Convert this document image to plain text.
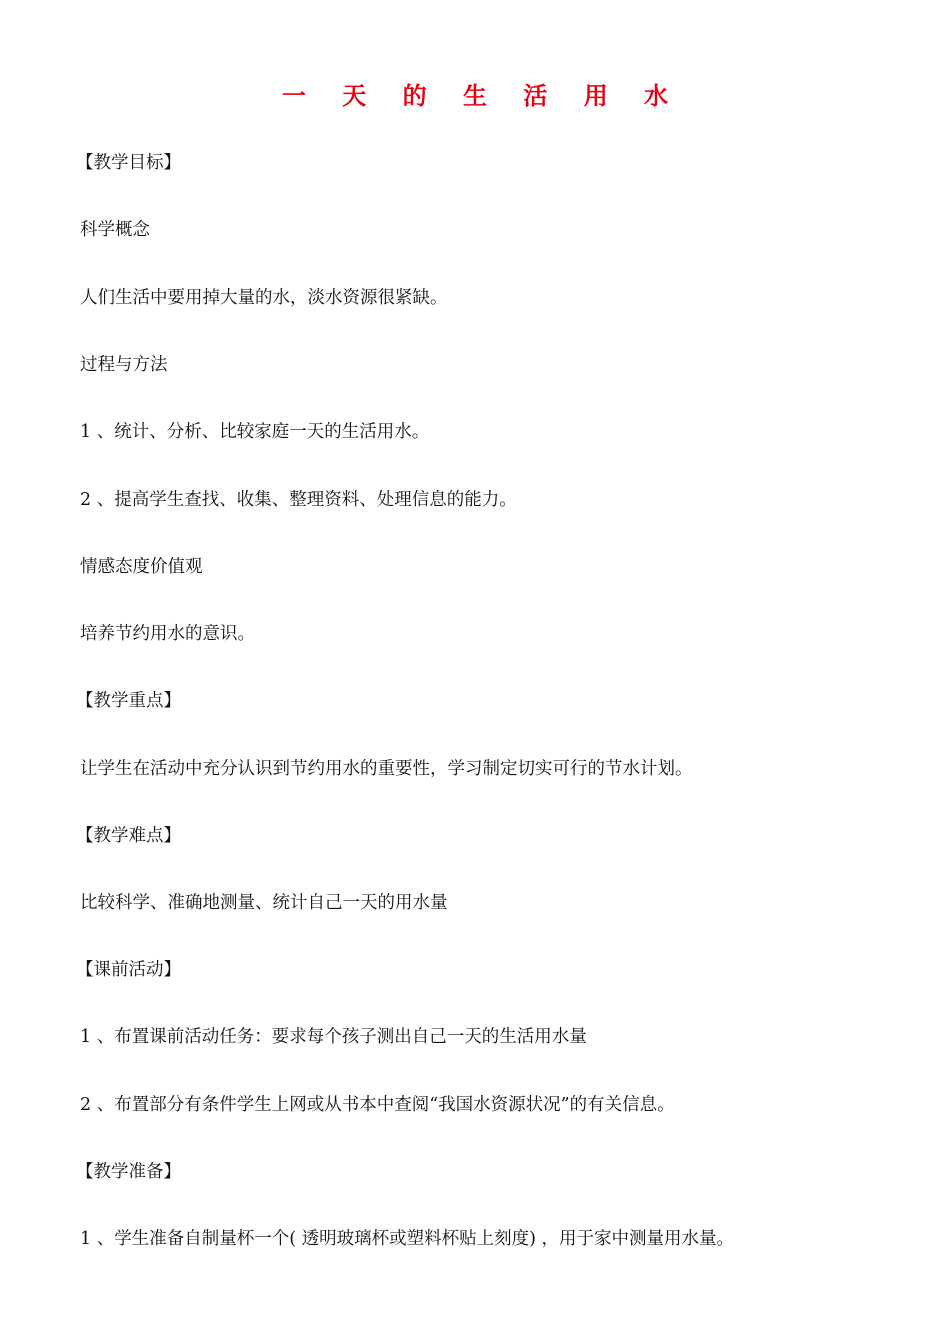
一 天 的 生 活 用 水
【教学目标】
科学概念
人们生活中要用掉大量的水，淡水资源很紧缺。
过程与方法
1 、统计、分析、比较家庭一天的生活用水。
2 、提高学生查找、收集、整理资料、处理信息的能力。
情感态度价值观
培养节约用水的意识。
【教学重点】
让学生在活动中充分认识到节约用水的重要性，学习制定切实可行的节水计划。
【教学难点】
比较科学、准确地测量、统计自己一天的用水量
【课前活动】
1 、布置课前活动任务：要求每个孩子测出自己一天的生活用水量
2 、布置部分有条件学生上网或从书本中查阅“我国水资源状况”的有关信息。
【教学准备】
1 、学生准备自制量杯一个( 透明玻璃杯或塑料杯贴上刻度) ，用于家中测量用水量。
